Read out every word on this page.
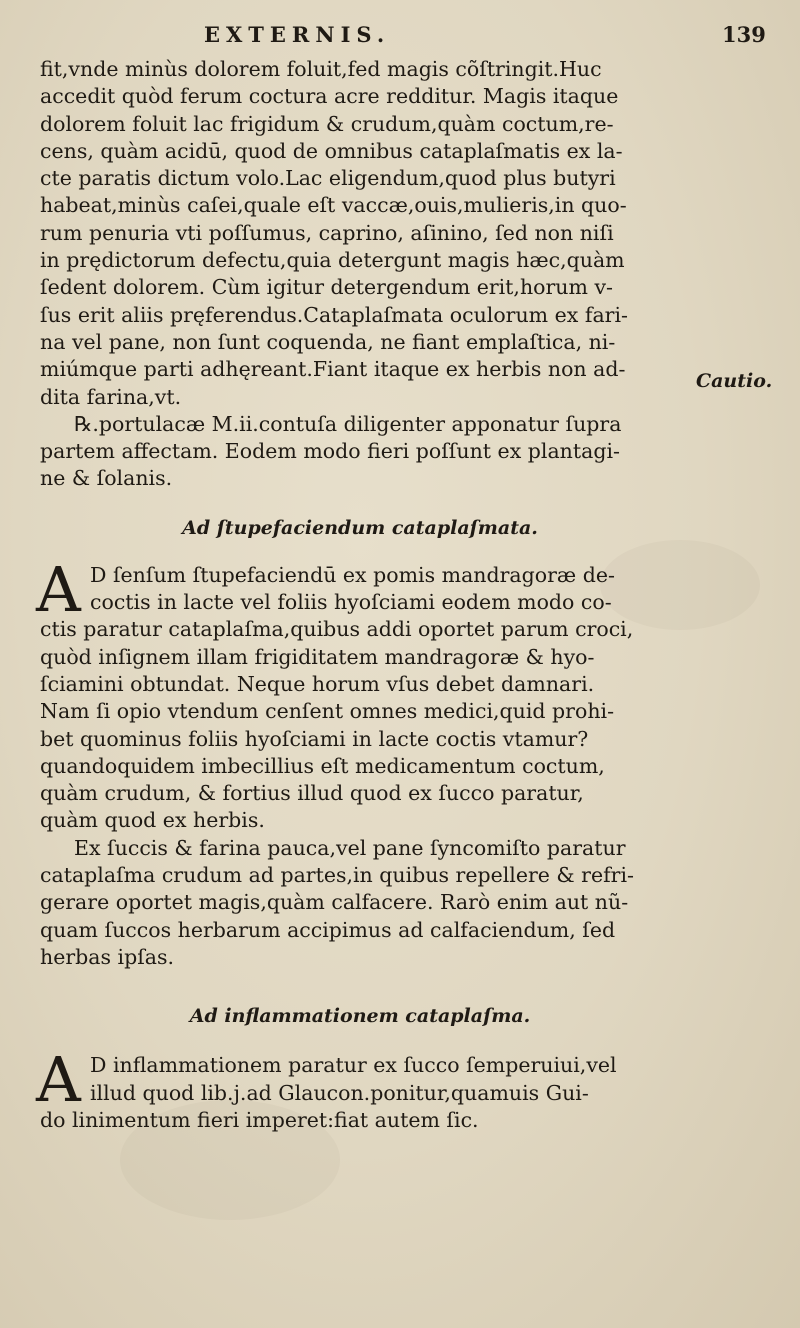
EXTERNIS.	139
Cautio.
fit,vnde minùs dolorem foluit,fed magis cõſtringit.Huc
accedit quòd ferum coctura acre redditur. Magis itaque
dolorem foluit lac frigidum & crudum,quàm coctum,re-
cens, quàm acidū, quod de omnibus cataplaſmatis ex la-
cte paratis dictum volo.Lac eligendum,quod plus butyri
habeat,minùs caſei,quale eſt vaccæ,ouis,mulieris,in quo-
rum penuria vti poſſumus, caprino, aſinino, ſed non niſi
in prędictorum defectu,quia detergunt magis hæc,quàm
ſedent dolorem. Cùm igitur detergendum erit,horum v-
ſus erit aliis pręferendus.Cataplaſmata oculorum ex fari-
na vel pane, non ſunt coquenda, ne fiant emplaſtica, ni-
miúmque parti adhęreant.Fiant itaque ex herbis non ad-
dita farina,vt.
℞.portulacæ M.ii.contuſa diligenter apponatur ſupra
partem affectam. Eodem modo fieri poſſunt ex plantagi-
ne & ſolanis.
Ad ſtupefaciendum cataplaſmata.
A D ſenſum ſtupefaciendū ex pomis mandragoræ de-
coctis in lacte vel foliis hyoſciami eodem modo co-
ctis paratur cataplaſma,quibus addi oportet parum croci,
quòd inſignem illam frigiditatem mandragoræ & hyo-
ſciamini obtundat. Neque horum vſus debet damnari.
Nam ſi opio vtendum cenſent omnes medici,quid prohi-
bet quominus foliis hyoſciami in lacte coctis vtamur?
quandoquidem imbecillius eſt medicamentum coctum,
quàm crudum, & fortius illud quod ex ſucco paratur,
quàm quod ex herbis.
Ex ſuccis & farina pauca,vel pane ſyncomiſto paratur
cataplaſma crudum ad partes,in quibus repellere & refri-
gerare oportet magis,quàm calfacere. Rarò enim aut nũ-
quam ſuccos herbarum accipimus ad calfaciendum, ſed
herbas ipſas.
Ad inflammationem cataplaſma.
A D inflammationem paratur ex ſucco ſemperuiui,vel
illud quod lib.j.ad Glaucon.ponitur,quamuis Gui-
do linimentum fieri imperet:fiat autem ſic.
